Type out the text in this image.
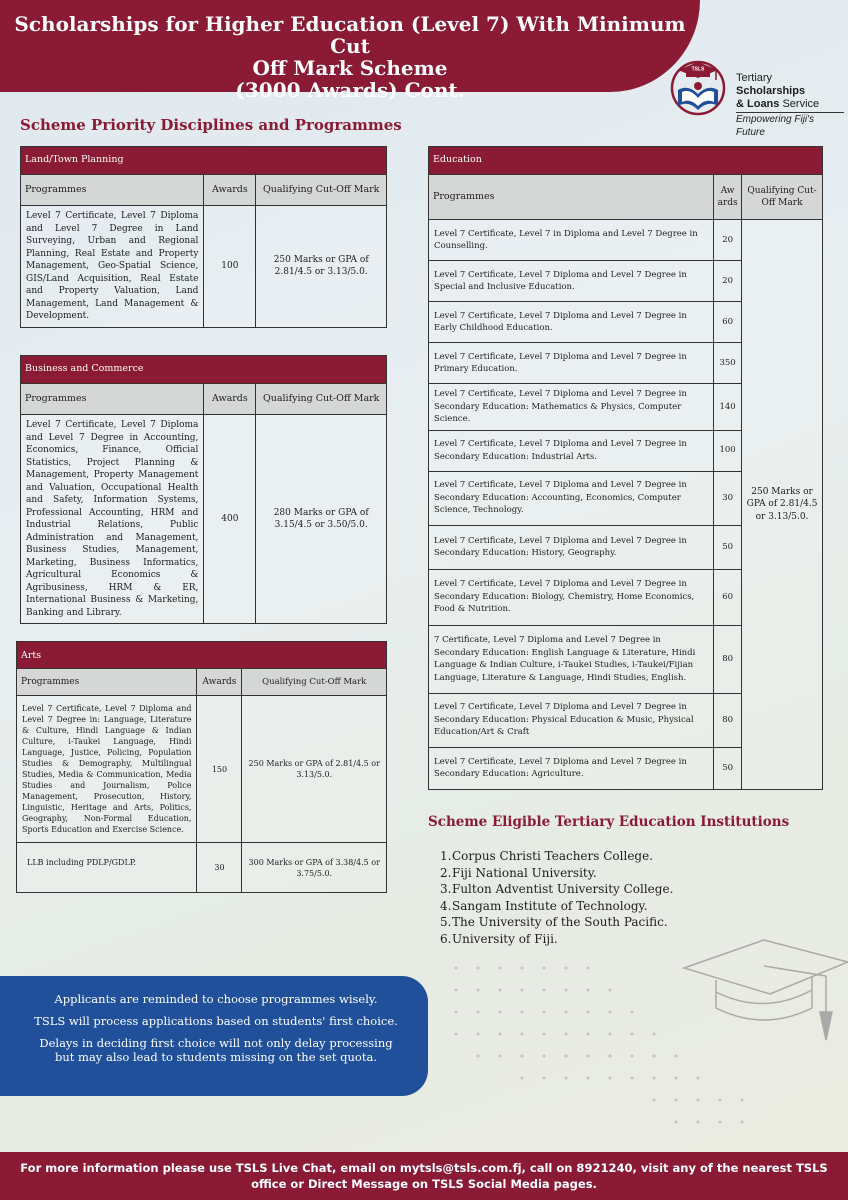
Scholarships for Higher Education (Level 7) With Minimum Cut
Off Mark Scheme
(3000 Awards) Cont.
TSLS
Tertiary Scholarships
& Loans Service
Empowering Fiji's Future
Scheme Priority Disciplines and Programmes
Land/Town Planning		
Programmes	Awards	Qualifying Cut-Off Mark
Level 7 Certificate, Level 7 Diploma and Level 7 Degree in Land Surveying, Urban and Regional Planning, Real Estate and Property Management, Geo-Spatial Science, GIS/Land Acquisition, Real Estate and Property Valuation, Land Management, Land Management & Development.	100	250 Marks or GPA of 2.81/4.5 or 3.13/5.0.
Business and Commerce		
Programmes	Awards	Qualifying Cut-Off Mark
Level 7 Certificate, Level 7 Diploma and Level 7 Degree in Accounting, Economics, Finance, Official Statistics, Project Planning & Management, Property Management and Valuation, Occupational Health and Safety, Information Systems, Professional Accounting, HRM and Industrial Relations, Public Administration and Management, Business Studies, Management, Marketing, Business Informatics, Agricultural Economics & Agribusiness, HRM & ER, International Business & Marketing, Banking and Library.	400	280 Marks or GPA of 3.15/4.5 or 3.50/5.0.
Arts		
Programmes	Awards	Qualifying Cut-Off Mark
Level 7 Certificate, Level 7 Diploma and Level 7 Degree in: Language, Literature & Culture, Hindi Language & Indian Culture, i-Taukei Language, Hindi Language, Justice, Policing, Population Studies & Demography, Multilingual Studies, Media & Communication, Media Studies and Journalism, Police Management, Prosecution, History, Linguistic, Heritage and Arts, Politics, Geography, Non-Formal Education, Sports Education and Exercise Science.	150	250 Marks or GPA of 2.81/4.5 or 3.13/5.0.
LLB including PDLP/GDLP.	30	300 Marks or GPA of 3.38/4.5 or 3.75/5.0.
Education		
Programmes	Aw ards	Qualifying Cut-Off Mark
Level 7 Certificate, Level 7 in Diploma and Level 7 Degree in Counselling.	20	250 Marks or GPA of 2.81/4.5 or 3.13/5.0.
Level 7 Certificate, Level 7 Diploma and Level 7 Degree in Special and Inclusive Education.	20	
Level 7 Certificate, Level 7 Diploma and Level 7 Degree in Early Childhood Education.	60	
Level 7 Certificate, Level 7 Diploma and Level 7 Degree in Primary Education.	350	
Level 7 Certificate, Level 7 Diploma and Level 7 Degree in Secondary Education: Mathematics & Physics, Computer Science.	140	
Level 7 Certificate, Level 7 Diploma and Level 7 Degree in Secondary Education: Industrial Arts.	100	
Level 7 Certificate, Level 7 Diploma and Level 7 Degree in Secondary Education: Accounting, Economics, Computer Science, Technology.	30	
Level 7 Certificate, Level 7 Diploma and Level 7 Degree in Secondary Education: History, Geography.	50	
Level 7 Certificate, Level 7 Diploma and Level 7 Degree in Secondary Education: Biology, Chemistry, Home Economics, Food & Nutrition.	60	
7 Certificate, Level 7 Diploma and Level 7 Degree in Secondary Education: English Language & Literature, Hindi Language & Indian Culture, i-Taukei Studies, i-Taukei/Fijian Language, Literature & Language, Hindi Studies, English.	80	
Level 7 Certificate, Level 7 Diploma and Level 7 Degree in Secondary Education: Physical Education & Music, Physical Education/Art & Craft	80	
Level 7 Certificate, Level 7 Diploma and Level 7 Degree in Secondary Education: Agriculture.	50	
Scheme Eligible Tertiary Education Institutions
1.Corpus Christi Teachers College.
2.Fiji National University.
3.Fulton Adventist University College.
4.Sangam Institute of Technology.
5.The University of the South Pacific.
6.University of Fiji.

Applicants are reminded to choose programmes wisely.

TSLS will process applications based on students' first choice.

Delays in deciding first choice will not only delay processing but may also lead to students missing on the set quota.

For more information please use TSLS Live Chat, email on mytsls@tsls.com.fj, call on 8921240, visit any of the nearest TSLS office or Direct Message on TSLS Social Media pages.
